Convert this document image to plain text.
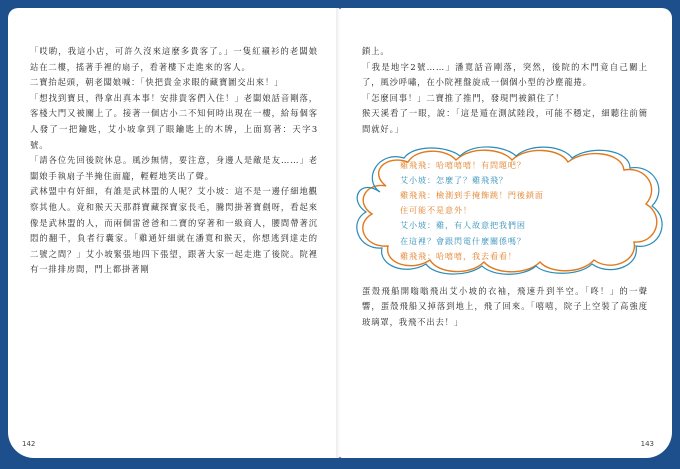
「哎喲，我這小店，可許久沒來這麼多貴客了。」一隻紅襯衫的老闆娘站在二樓，搖著手裡的扇子，看著樓下走進來的客人。

二寶抬起頭，朝老闆娘喊：「快把貴金求眼的藏寶圖交出來！」

「想找到寶貝，得拿出真本事！安排貴客們入住！」老闆娘話音剛落，客棧大門又被關上了。接著一個店小二不知何時出現在一樓，給每個客人發了一把鑰匙，艾小坡拿到了眼鑰匙上的木牌，上面寫著：天字3號。

「請各位先回後院休息。風沙無情，要注意，身邊人是敵是友……」老闆娘手執扇子半掩住面龐，輕輕地笑出了聲。

武林盟中有奸細，有誰是武林盟的人呢？艾小坡：這不是一邊仔細地觀察其他人。竟和猴天天那群寶藏探寶家長毛，騰閃掛著寶劍呀，看起來像是武林盟的人，而兩個雷爸爸和二寶的穿著和一級商人，腰間帶著沉悶的翻千，負者行囊家。「雞通奸細就在潘寬和猴天，你想逃到達走的二號之間？」艾小坡緊張地四下張望，跟著大家一起走進了後院。院裡有一排排房間，門上都掛著剛

142

鎖上。

「我是地字2號……」潘寬話音剛落，突然，後院的木門竟自己關上了，風沙呼嘯，在小院裡盤旋成一個個小型的沙塵龍捲。

「怎麼回事！」二寶推了推門，發現門被鎖住了！

猴天溪看了一眼，說：「這是遁在測試陸段，可能不穩定，細聽往前簡間就好。」

雞飛飛：哈嘻嘻嘻！有問題吧？
艾小坡：怎麼了？雞飛飛？
雞飛飛：檢測到手掩飾跳！門後鎖面
住可能不是意外！
艾小坡：雞，有人故意把我們困
在這裡？會跟閃電什麼關係嗎？
雞飛飛：哈嘻嘻，我去看看！

蛋殼飛船開嗡嗡飛出艾小坡的衣袖，飛速升到半空。「咚！」的一聲響，蛋殼飛船又掉落到地上，飛了回來。「嘻嘻，院子上空裝了高強度玻璃罩，我飛不出去！」

143
